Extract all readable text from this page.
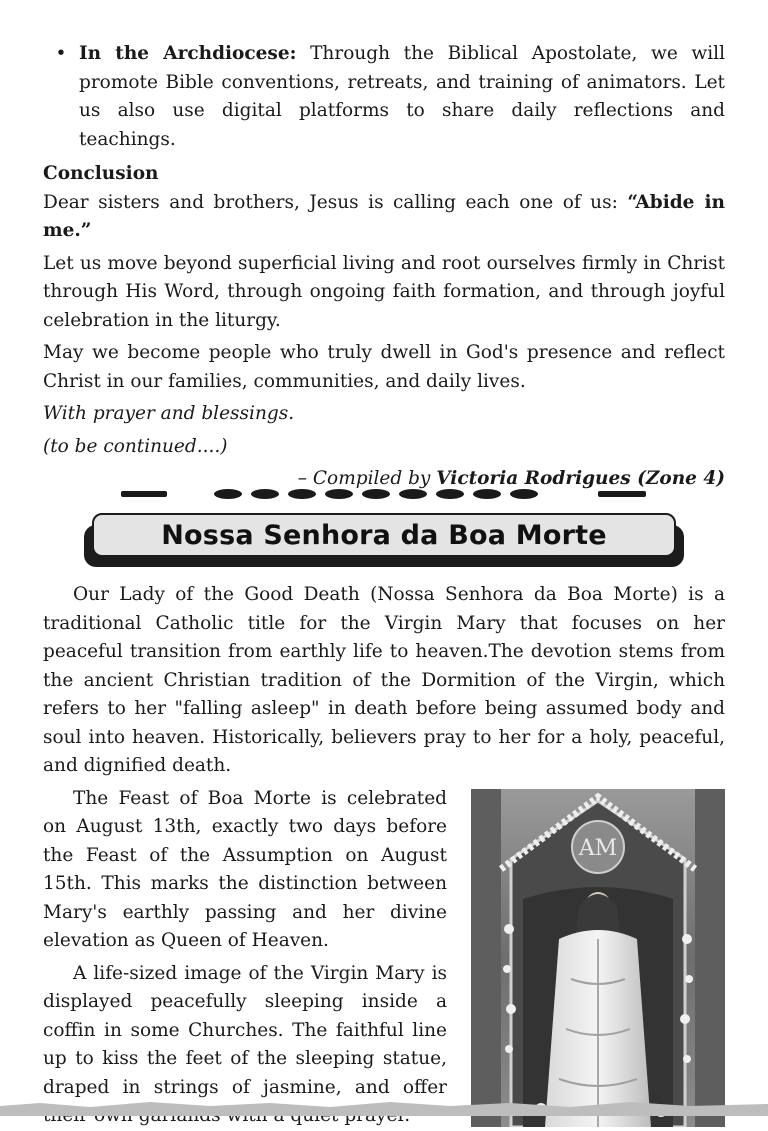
• In the Archdiocese: Through the Biblical Apostolate, we will promote Bible conventions, retreats, and training of animators. Let us also use digital platforms to share daily reflections and teachings.
Conclusion

Dear sisters and brothers, Jesus is calling each one of us: “Abide in me.”

Let us move beyond superficial living and root ourselves firmly in Christ through His Word, through ongoing faith formation, and through joyful celebration in the liturgy.

May we become people who truly dwell in God's presence and reflect Christ in our families, communities, and daily lives.

With prayer and blessings.

(to be continued....)

– Compiled by Victoria Rodrigues (Zone 4)

Nossa Senhora da Boa Morte

Our Lady of the Good Death (Nossa Senhora da Boa Morte) is a traditional Catholic title for the Virgin Mary that focuses on her peaceful transition from earthly life to heaven.The devotion stems from the ancient Christian tradition of the Dormition of the Virgin, which refers to her "falling asleep" in death before being assumed body and soul into heaven. Historically, believers pray to her for a holy, peaceful, and dignified death.

The Feast of Boa Morte is celebrated on August 13th, exactly two days before the Feast of the Assumption on August 15th. This marks the distinction between Mary's earthly passing and her divine elevation as Queen of Heaven.

A life-sized image of the Virgin Mary is displayed peacefully sleeping inside a coffin in some Churches. The faithful line up to kiss the feet of the sleeping statue, draped in strings of jasmine, and offer

AM
